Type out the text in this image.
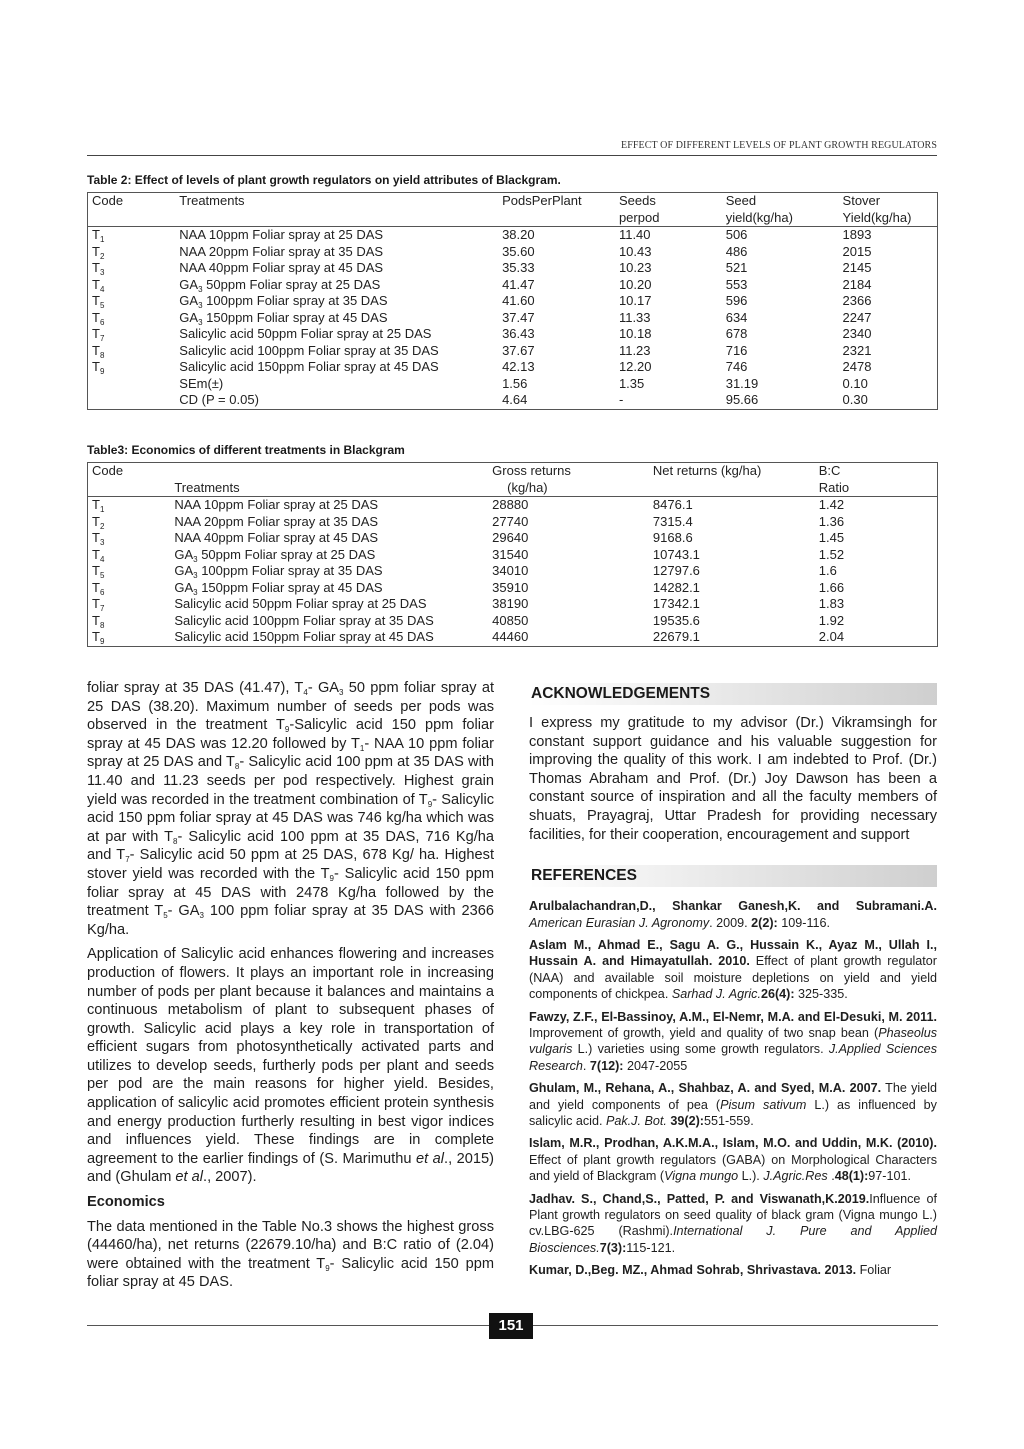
EFFECT OF DIFFERENT LEVELS OF PLANT GROWTH REGULATORS
Table 2: Effect of levels of plant growth regulators on yield attributes of Blackgram.
Code	Treatments	PodsPerPlant	Seeds	Seed	Stover
			perpod	yield(kg/ha)	Yield(kg/ha)
$T_1$	NAA 10ppm Foliar spray at 25 DAS	38.20	11.40	506	1893
$T_2$	NAA 20ppm Foliar spray at 35 DAS	35.60	10.43	486	2015
$T_3$	NAA 40ppm Foliar spray at 45 DAS	35.33	10.23	521	2145
$T_4$	$GA_3$ 50ppm Foliar spray at 25 DAS	41.47	10.20	553	2184
$T_5$	$GA_3$ 100ppm Foliar spray at 35 DAS	41.60	10.17	596	2366
$T_6$	$GA_3$ 150ppm Foliar spray at 45 DAS	37.47	11.33	634	2247
$T_7$	Salicylic acid 50ppm Foliar spray at 25 DAS	36.43	10.18	678	2340
$T_8$	Salicylic acid 100ppm Foliar spray at 35 DAS	37.67	11.23	716	2321
$T_9$	Salicylic acid 150ppm Foliar spray at 45 DAS	42.13	12.20	746	2478
	SEm(±)	1.56	1.35	31.19	0.10
	CD (P = 0.05)	4.64	-	95.66	0.30
Table3: Economics of different treatments in Blackgram
Code		Gross returns	Net returns (kg/ha)	B:C
	Treatments	(kg/ha)		Ratio
$T_1$	NAA 10ppm Foliar spray at 25 DAS	28880	8476.1	1.42
$T_2$	NAA 20ppm Foliar spray at 35 DAS	27740	7315.4	1.36
$T_3$	NAA 40ppm Foliar spray at 45 DAS	29640	9168.6	1.45
$T_4$	$GA_3$ 50ppm Foliar spray at 25 DAS	31540	10743.1	1.52
$T_5$	$GA_3$ 100ppm Foliar spray at 35 DAS	34010	12797.6	1.6
$T_6$	$GA_3$ 150ppm Foliar spray at 45 DAS	35910	14282.1	1.66
$T_7$	Salicylic acid 50ppm Foliar spray at 25 DAS	38190	17342.1	1.83
$T_8$	Salicylic acid 100ppm Foliar spray at 35 DAS	40850	19535.6	1.92
$T_9$	Salicylic acid 150ppm Foliar spray at 45 DAS	44460	22679.1	2.04

foliar spray at 35 DAS (41.47), $T_4-$ $GA_3$ 50 ppm foliar spray at 25 DAS (38.20). Maximum number of seeds per pods was observed in the treatment $T_9$-Salicylic acid 150 ppm foliar spray at 45 DAS was 12.20 followed by $T_1-$ NAA 10 ppm foliar spray at 25 DAS and $T_8-$ Salicylic acid 100 ppm at 35 DAS with 11.40 and 11.23 seeds per pod respectively. Highest grain yield was recorded in the treatment combination of $T_9-$ Salicylic acid 150 ppm foliar spray at 45 DAS was 746 kg/ha which was at par with $T_8-$ Salicylic acid 100 ppm at 35 DAS, 716 Kg/ha and $T_7-$ Salicylic acid 50 ppm at 25 DAS, 678 Kg/ ha. Highest stover yield was recorded with the $T_9-$ Salicylic acid 150 ppm foliar spray at 45 DAS with 2478 Kg/ha followed by the treatment $T_5-$ $GA_3$ 100 ppm foliar spray at 35 DAS with 2366 Kg/ha.

Application of Salicylic acid enhances flowering and increases production of flowers. It plays an important role in increasing number of pods per plant because it balances and maintains a continuous metabolism of plant to subsequent phases of growth. Salicylic acid plays a key role in transportation of efficient sugars from photosynthetically activated parts and utilizes to develop seeds, furtherly pods per plant and seeds per pod are the main reasons for higher yield. Besides, application of salicylic acid promotes efficient protein synthesis and energy production furtherly resulting in best vigor indices and influences yield. These findings are in complete agreement to the earlier findings of (S. Marimuthu et al., 2015) and (Ghulam et al., 2007).

Economics

The data mentioned in the Table No.3 shows the highest gross (44460/ha), net returns (22679.10/ha) and B:C ratio of (2.04) were obtained with the treatment $T_9-$ Salicylic acid 150 ppm foliar spray at 45 DAS.

ACKNOWLEDGEMENTS
I express my gratitude to my advisor (Dr.) Vikramsingh for constant support guidance and his valuable suggestion for improving the quality of this work. I am indebted to Prof. (Dr.) Thomas Abraham and Prof. (Dr.) Joy Dawson has been a constant source of inspiration and all the faculty members of shuats, Prayagraj, Uttar Pradesh for providing necessary facilities, for their cooperation, encouragement and support
REFERENCES
Arulbalachandran,D., Shankar Ganesh,K. and Subramani.A. American Eurasian J. Agronomy. 2009. 2(2): 109-116.
Aslam M., Ahmad E., Sagu A. G., Hussain K., Ayaz M., Ullah I., Hussain A. and Himayatullah. 2010. Effect of plant growth regulator (NAA) and available soil moisture depletions on yield and yield components of chickpea. Sarhad J. Agric.26(4): 325-335.
Fawzy, Z.F., El-Bassinoy, A.M., El-Nemr, M.A. and El-Desuki, M. 2011. Improvement of growth, yield and quality of two snap bean (Phaseolus vulgaris L.) varieties using some growth regulators. J.Applied Sciences Research. 7(12): 2047-2055
Ghulam, M., Rehana, A., Shahbaz, A. and Syed, M.A. 2007. The yield and yield components of pea (Pisum sativum L.) as influenced by salicylic acid. Pak.J. Bot. 39(2):551-559.
Islam, M.R., Prodhan, A.K.M.A., Islam, M.O. and Uddin, M.K. (2010). Effect of plant growth regulators (GABA) on Morphological Characters and yield of Blackgram (Vigna mungo L.). J.Agric.Res .48(1):97-101.
Jadhav. S., Chand,S., Patted, P. and Viswanath,K.2019.Influence of Plant growth regulators on seed quality of black gram (Vigna mungo L.) cv.LBG-625 (Rashmi).International J. Pure and Applied Biosciences.7(3):115-121.
Kumar, D.,Beg. MZ., Ahmad Sohrab, Shrivastava. 2013. Foliar
151
